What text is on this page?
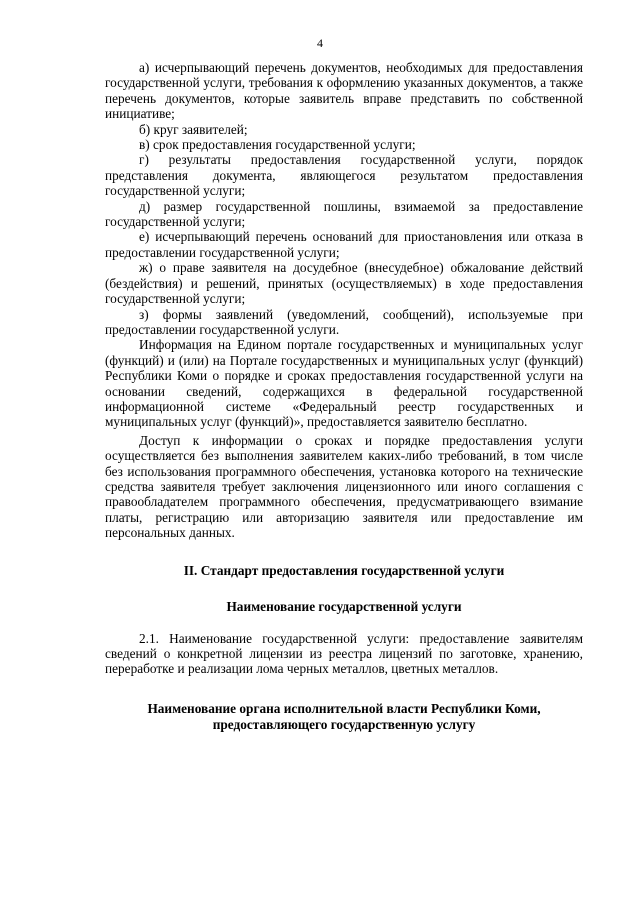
4

а) исчерпывающий перечень документов, необходимых для предоставления государственной услуги, требования к оформлению указанных документов, а также перечень документов, которые заявитель вправе представить по собственной инициативе;

б) круг заявителей;

в) срок предоставления государственной услуги;

г) результаты предоставления государственной услуги, порядок представления документа, являющегося результатом предоставления государственной услуги;

д) размер государственной пошлины, взимаемой за предоставление государственной услуги;

е) исчерпывающий перечень оснований для приостановления или отказа в предоставлении государственной услуги;

ж) о праве заявителя на досудебное (внесудебное) обжалование действий (бездействия) и решений, принятых (осуществляемых) в ходе предоставления государственной услуги;

з) формы заявлений (уведомлений, сообщений), используемые при предоставлении государственной услуги.

Информация на Едином портале государственных и муниципальных услуг (функций) и (или) на Портале государственных и муниципальных услуг (функций) Республики Коми о порядке и сроках предоставления государственной услуги на основании сведений, содержащихся в федеральной государственной информационной системе «Федеральный реестр государственных и муниципальных услуг (функций)», предоставляется заявителю бесплатно.

Доступ к информации о сроках и порядке предоставления услуги осуществляется без выполнения заявителем каких-либо требований, в том числе без использования программного обеспечения, установка которого на технические средства заявителя требует заключения лицензионного или иного соглашения с правообладателем программного обеспечения, предусматривающего взимание платы, регистрацию или авторизацию заявителя или предоставление им персональных данных.

II. Стандарт предоставления государственной услуги
Наименование государственной услуги

2.1. Наименование государственной услуги: предоставление заявителям сведений о конкретной лицензии из реестра лицензий по заготовке, хранению, переработке и реализации лома черных металлов, цветных металлов.

Наименование органа исполнительной власти Республики Коми,
предоставляющего государственную услугу
